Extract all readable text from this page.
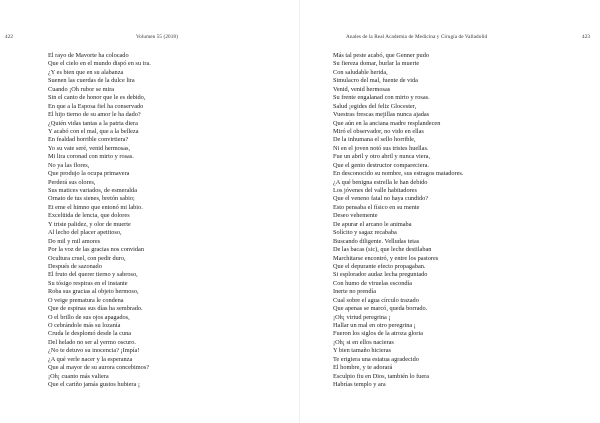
422	Volumen 55 (2018)
El rayo de Mavorte ha colocado
Que el cielo en el mundo dispó en su ira.
¿Y es bien que en su alabanza
Suenen las cuerdas de la dulce lira
Cuando ¡Oh rubor se mira
Sin el canto de honor que le es debido,
En que a la Esposa fiel ha conservado
El hijo tierno de su amor le ha dado?
¿Quién vidas tantas a la patria diera
Y acabó con el mal, que a la belleza
En fealdad horrible convirtiera?
Yo su vate seré, venid hermosas,
Mi lira coronad con mirto y rosas.
No ya las flores,
Que produjo la ocupa primavera
Perderá sus olores,
Sus matices variados, de esmeralda
Ornato de tus sienes, bretón sabio;
Et eme el himno que entonó mi labio.
Excelüida de lencia, que dolores
Y triste palidez, y olor de muerte
Al lecho del placer apetitoso,
Do mil y mil amores
Por la voz de las gracias nos convidan
Ocultura cruel, con pedir duro,
Después de sazonado
El fruto del querer tierno y sabroso,
Su tósigo respiras en el instante
Roba sus gracias al objeto hermoso,
O veige prematura le condena
Que de espinas sus días ha sembrado.
O el brillo de sus ojos apagados,
O cebrándole más su lozanía
Cruda le desplomó desde la cuna
Del helado no ser al yermo oscuro.
¿No te detuvo su inocencia? ¡Impía!
¿A qué verle nacer y la esperanza
Que al mayor de su aurora concebimos?
¡Oh¡ cuanto más valiera
Que el cariño jamás gustos hubiera ¡
Anales de la Real Academia de Medicina y Cirugía de Valladolid	423
Más tal peste acabó, que Genner pudo
Su fiereza domar, burlar la muerte
Con saludable herida,
Simulacro del mal, fuente de vida
Venid, venid hermosas
Su frente engalanad con mirto y rosas.
Salud ¡egides del feliz Glocester,
Vuestras frescas mejillas nunca ajadas
Que aún en la anciana madre resplandecen
Miró el observador, no vido en ellas
De la inhumana el sello horrible,
Ni en el joven notó sus tristes huellas.
Fue un abril y otro abril y nunca viera,
Que el genio destructor compareciera.
En desconocido su nombre, sus estragos matadores.
¿A qué benigna estrella le han debido
Los jóvenes del valle habitadores
Que el veneno fatal no haya cundido?
Esto pensaba el físico en su mente
Deseo vehemente
De apurar el arcano le animaba
Solícito y sagaz recababa
Buscando diligente. Velludas tetas
De las bacas (sic), que leche destilaban
Marchitarse encontró, y entre los pastores
Que el depurante efecto propagaban.
Si esplorador audaz lecha preguntado
Con humo de viruelas escondía
Inerte no prendía
Cual sobre el agua círculo trazado
Que apenas se marcó, queda borrado.
¡Oh¡ virtud peregrina ¡
Hallar un mal en otro peregrina ¡
Fueron los siglos de la atroza gloria
¡Oh¡ si en ellos nacieras
Y bien tamaño hicieras
Te erigiera una estatua agradecido
El hombre, y te adorará
Esculpio fiu en Dios, también lo fuera
Habrías templo y ara
